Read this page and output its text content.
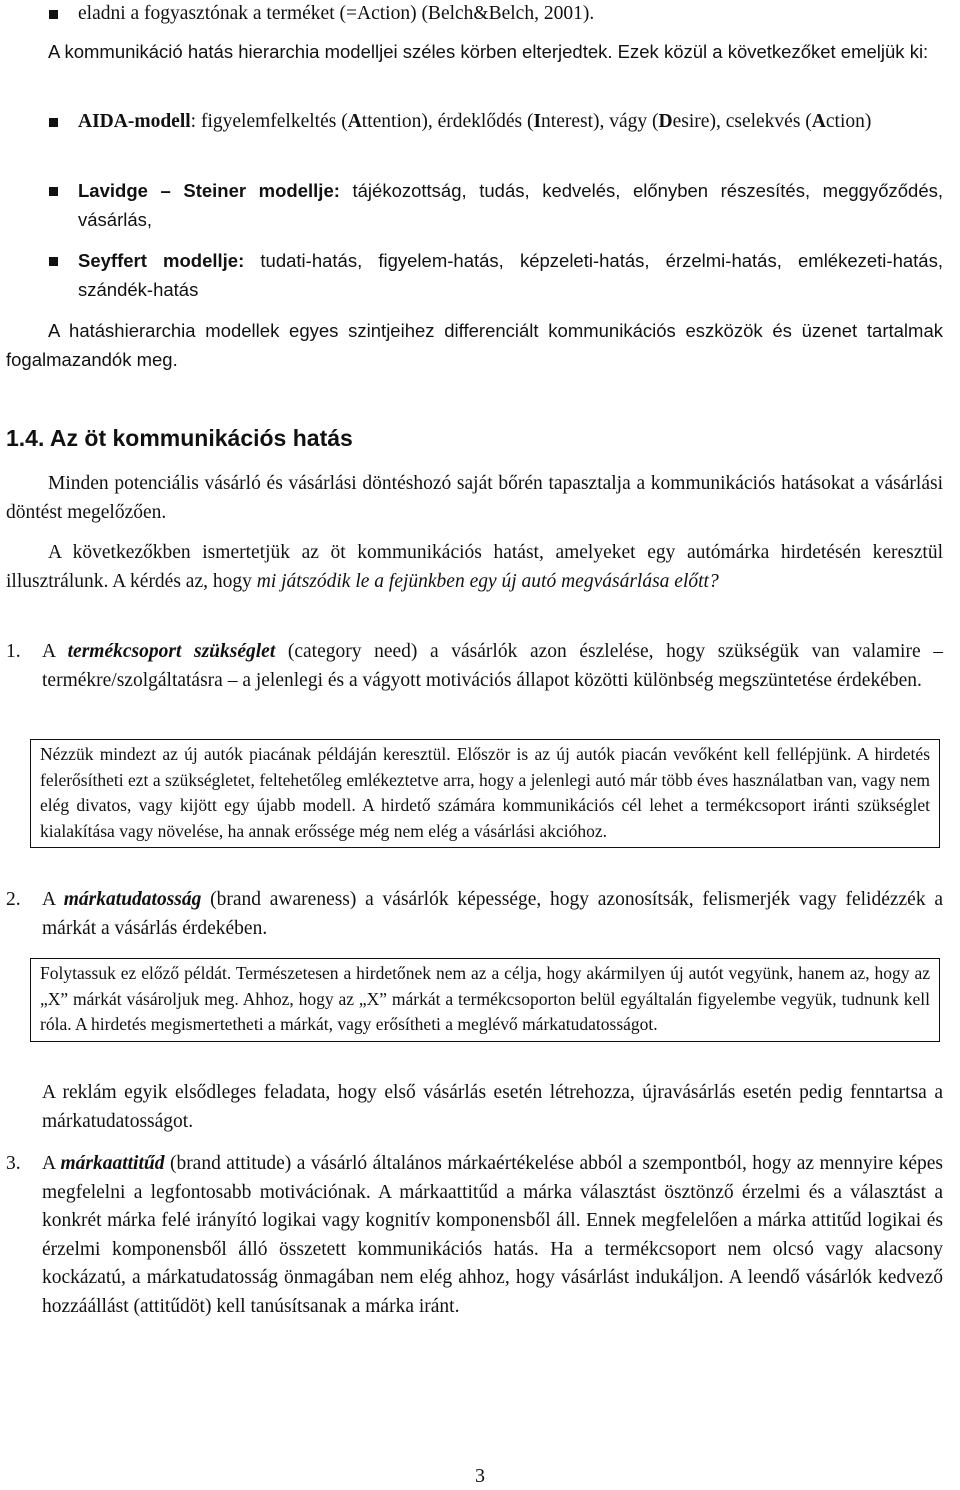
eladni a fogyasztónak a terméket (=Action) (Belch&Belch, 2001).
A kommunikáció hatás hierarchia modelljei széles körben elterjedtek. Ezek közül a következőket emeljük ki:
AIDA-modell: figyelemfelkeltés (Attention), érdeklődés (Interest), vágy (Desire), cselekvés (Action)
Lavidge – Steiner modellje: tájékozottság, tudás, kedvelés, előnyben részesítés, meggyőződés, vásárlás,
Seyffert modellje: tudati-hatás, figyelem-hatás, képzeleti-hatás, érzelmi-hatás, emlékezeti-hatás, szándék-hatás
A hatáshierarchia modellek egyes szintjeihez differenciált kommunikációs eszközök és üzenet tartalmak fogalmazandók meg.
1.4. Az öt kommunikációs hatás
Minden potenciális vásárló és vásárlási döntéshozó saját bőrén tapasztalja a kommunikációs hatásokat a vásárlási döntést megelőzően.
A következőkben ismertetjük az öt kommunikációs hatást, amelyeket egy autómárka hirdetésén keresztül illusztrálunk. A kérdés az, hogy mi játszódik le a fejünkben egy új autó megvásárlása előtt?
1.	A termékcsoport szükséglet (category need) a vásárlók azon észlelése, hogy szükségük van valamire – termékre/szolgáltatásra – a jelenlegi és a vágyott motivációs állapot közötti különbség megszüntetése érdekében.
Nézzük mindezt az új autók piacának példáján keresztül. Először is az új autók piacán vevőként kell fellépjünk. A hirdetés felerősítheti ezt a szükségletet, feltehetőleg emlékeztetve arra, hogy a jelenlegi autó már több éves használatban van, vagy nem elég divatos, vagy kijött egy újabb modell. A hirdető számára kommunikációs cél lehet a termékcsoport iránti szükséglet kialakítása vagy növelése, ha annak erőssége még nem elég a vásárlási akcióhoz.
2.	A márkatudatosság (brand awareness) a vásárlók képessége, hogy azonosítsák, felismerjék vagy felidézzék a márkát a vásárlás érdekében.
Folytassuk ez előző példát. Természetesen a hirdetőnek nem az a célja, hogy akármilyen új autót vegyünk, hanem az, hogy az „X” márkát vásároljuk meg. Ahhoz, hogy az „X” márkát a termékcsoporton belül egyáltalán figyelembe vegyük, tudnunk kell róla. A hirdetés megismertetheti a márkát, vagy erősítheti a meglévő márkatudatosságot.
A reklám egyik elsődleges feladata, hogy első vásárlás esetén létrehozza, újravásárlás esetén pedig fenntartsa a márkatudatosságot.
3.	A márkaattitűd (brand attitude) a vásárló általános márkaértékelése abból a szempontból, hogy az mennyire képes megfelelni a legfontosabb motivációnak. A márkaattitűd a márka választást ösztönző érzelmi és a választást a konkrét márka felé irányító logikai vagy kognitív komponensből áll. Ennek megfelelően a márka attitűd logikai és érzelmi komponensből álló összetett kommunikációs hatás. Ha a termékcsoport nem olcsó vagy alacsony kockázatú, a márkatudatosság önmagában nem elég ahhoz, hogy vásárlást indukáljon. A leendő vásárlók kedvező hozzáállást (attitűdöt) kell tanúsítsanak a márka iránt.
3
